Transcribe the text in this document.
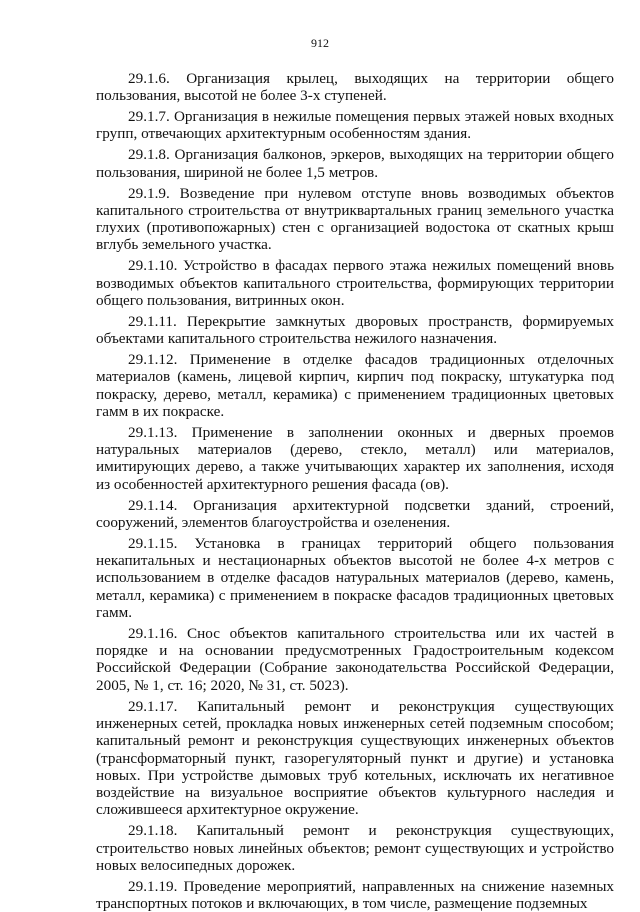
912
29.1.6. Организация крылец, выходящих на территории общего
пользования, высотой не более 3-х ступеней.
29.1.7. Организация в нежилые помещения первых этажей новых входных
групп, отвечающих архитектурным особенностям здания.
29.1.8. Организация балконов, эркеров, выходящих на территории общего
пользования, шириной не более 1,5 метров.
29.1.9. Возведение при нулевом отступе вновь возводимых объектов
капитального строительства от внутриквартальных границ земельного участка
глухих (противопожарных) стен с организацией водостока от скатных крыш
вглубь земельного участка.
29.1.10. Устройство в фасадах первого этажа нежилых помещений вновь
возводимых объектов капитального строительства, формирующих территории
общего пользования, витринных окон.
29.1.11. Перекрытие замкнутых дворовых пространств, формируемых
объектами капитального строительства нежилого назначения.
29.1.12. Применение в отделке фасадов традиционных отделочных
материалов (камень, лицевой кирпич, кирпич под покраску, штукатурка под
покраску, дерево, металл, керамика) с применением традиционных цветовых
гамм в их покраске.
29.1.13. Применение в заполнении оконных и дверных проемов
натуральных материалов (дерево, стекло, металл) или материалов,
имитирующих дерево, а также учитывающих характер их заполнения, исходя
из особенностей архитектурного решения фасада (ов).
29.1.14. Организация архитектурной подсветки зданий, строений,
сооружений, элементов благоустройства и озеленения.
29.1.15. Установка в границах территорий общего пользования
некапитальных и нестационарных объектов высотой не более 4-х метров с
использованием в отделке фасадов натуральных материалов (дерево, камень,
металл, керамика) с применением в покраске фасадов традиционных цветовых
гамм.
29.1.16. Снос объектов капитального строительства или их частей в
порядке и на основании предусмотренных Градостроительным кодексом
Российской Федерации (Собрание законодательства Российской Федерации,
2005, № 1, ст. 16; 2020, № 31, ст. 5023).
29.1.17. Капитальный ремонт и реконструкция существующих
инженерных сетей, прокладка новых инженерных сетей подземным способом;
капитальный ремонт и реконструкция существующих инженерных объектов
(трансформаторный пункт, газорегуляторный пункт и другие) и установка
новых. При устройстве дымовых труб котельных, исключать их негативное
воздействие на визуальное восприятие объектов культурного наследия и
сложившееся архитектурное окружение.
29.1.18. Капитальный ремонт и реконструкция существующих,
строительство новых линейных объектов; ремонт существующих и устройство
новых велосипедных дорожек.
29.1.19. Проведение мероприятий, направленных на снижение наземных
транспортных потоков и включающих, в том числе, размещение подземных
